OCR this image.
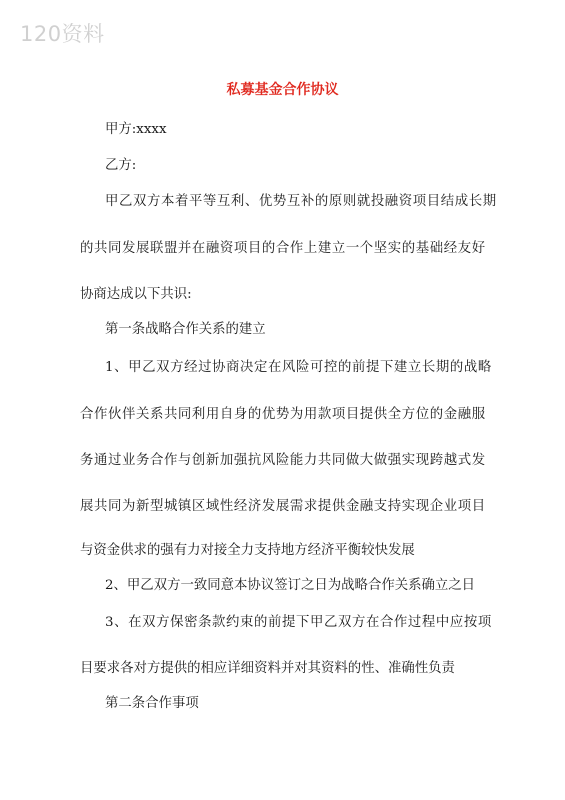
120资料
私募基金合作协议
甲方:xxxx
乙方:
甲乙双方本着平等互利、优势互补的原则就投融资项目结成长期
的共同发展联盟并在融资项目的合作上建立一个坚实的基础经友好
协商达成以下共识:
第一条战略合作关系的建立
1、甲乙双方经过协商决定在风险可控的前提下建立长期的战略
合作伙伴关系共同利用自身的优势为用款项目提供全方位的金融服
务通过业务合作与创新加强抗风险能力共同做大做强实现跨越式发
展共同为新型城镇区域性经济发展需求提供金融支持实现企业项目
与资金供求的强有力对接全力支持地方经济平衡较快发展
2、甲乙双方一致同意本协议签订之日为战略合作关系确立之日
3、在双方保密条款约束的前提下甲乙双方在合作过程中应按项
目要求各对方提供的相应详细资料并对其资料的性、准确性负责
第二条合作事项
